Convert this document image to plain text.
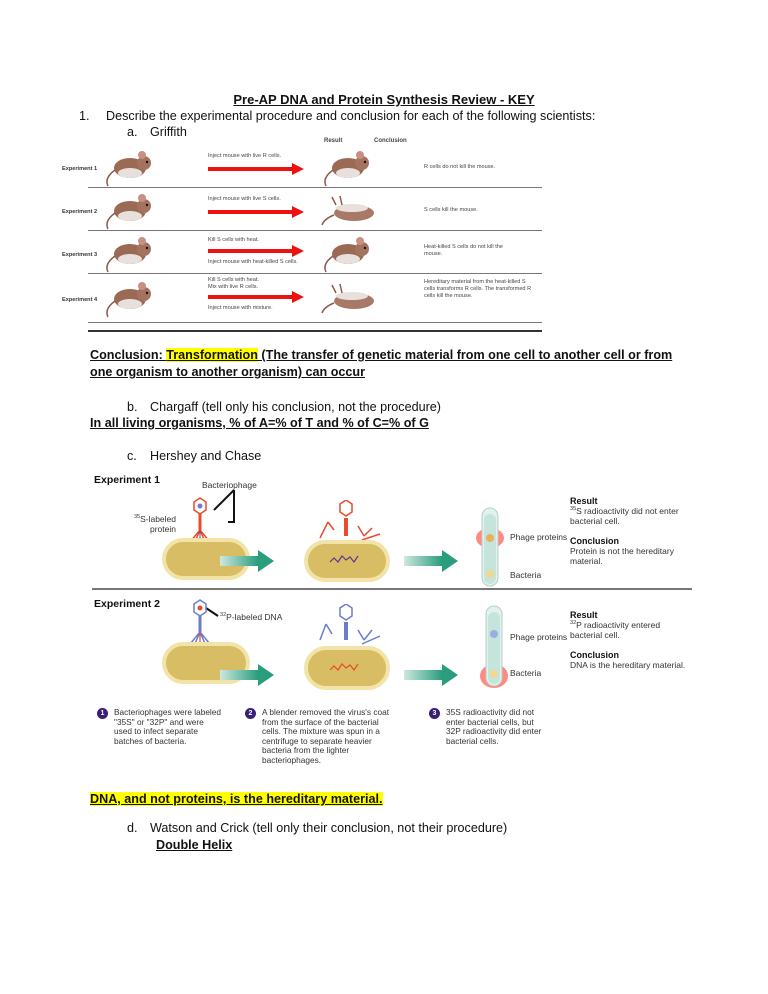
Pre-AP DNA and Protein Synthesis Review - KEY
1. Describe the experimental procedure and conclusion for each of the following scientists:
a. Griffith
Result	Conclusion
Experiment 1
Inject mouse with live R cells.
R cells do not kill the mouse.
Experiment 2
Inject mouse with live S cells.
S cells kill the mouse.
Experiment 3
Kill S cells with heat.
Inject mouse with heat-killed S cells.
Heat-killed S cells do not kill the mouse.
Experiment 4
Kill S cells with heat.
Mix with live R cells.
Inject mouse with mixture.
Hereditary material from the heat-killed S cells transforms R cells. The transformed R cells kill the mouse.
Conclusion: Transformation (The transfer of genetic material from one cell to another cell or from one organism to another organism) can occur
b. Chargaff (tell only his conclusion, not the procedure)
In all living organisms, % of A=% of T and % of C=% of G
c. Hershey and Chase
Experiment 1	Bacteriophage
$^{35}$S-labeled protein
Phage proteins
Bacteria
Result
$^{35}$S radioactivity did not enter bacterial cell.
Conclusion
Protein is not the hereditary material.
Experiment 2
$^{32}$P-labeled DNA
Phage proteins
Bacteria
Result
$^{32}$P radioactivity entered bacterial cell.
Conclusion
DNA is the hereditary material.
1	Bacteriophages were labeled "35S" or "32P" and were used to infect separate batches of bacteria.
2	A blender removed the virus's coat from the surface of the bacterial cells. The mixture was spun in a centrifuge to separate heavier bacteria from the lighter bacteriophages.
3	35S radioactivity did not enter bacterial cells, but 32P radioactivity did enter bacterial cells.
DNA, and not proteins, is the hereditary material.
d. Watson and Crick (tell only their conclusion, not their procedure)
Double Helix
